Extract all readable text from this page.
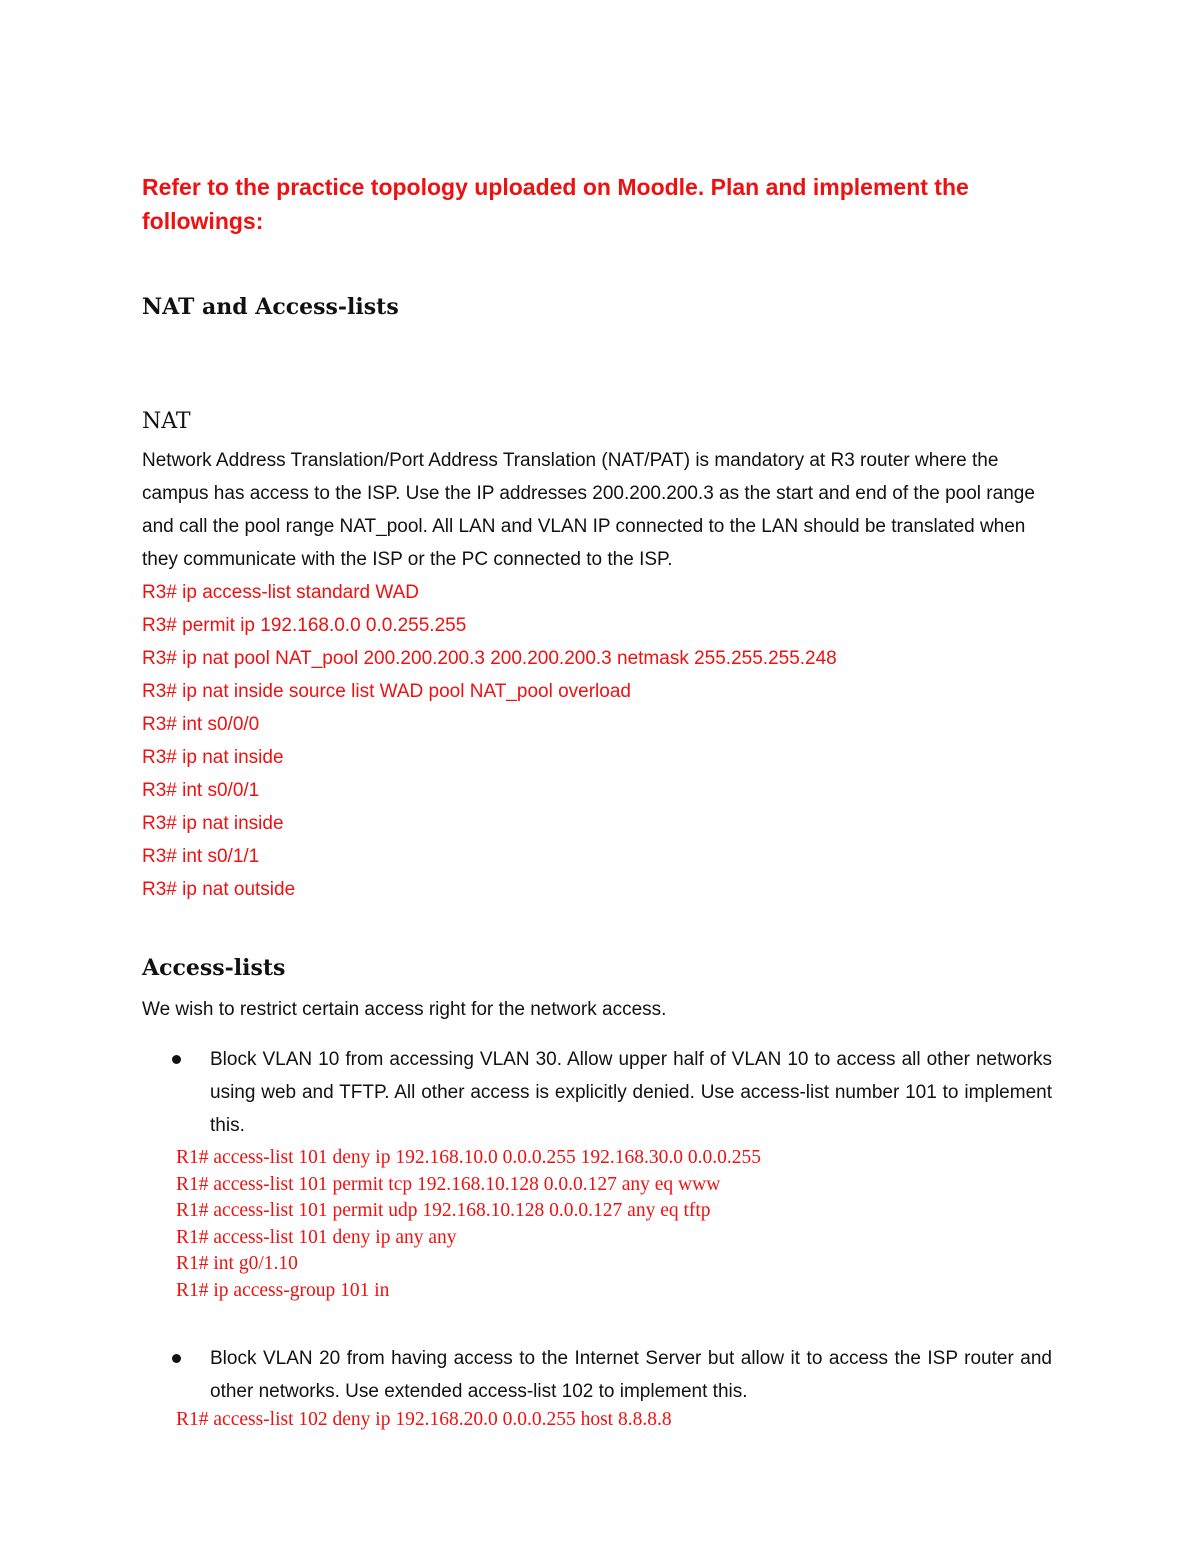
Refer to the practice topology uploaded on Moodle. Plan and implement the followings:

NAT and Access-lists
NAT

Network Address Translation/Port Address Translation (NAT/PAT) is mandatory at R3 router where the campus has access to the ISP. Use the IP addresses 200.200.200.3 as the start and end of the pool range and call the pool range NAT_pool. All LAN and VLAN IP connected to the LAN should be translated when they communicate with the ISP or the PC connected to the ISP.

R3# ip access-list standard WAD
R3# permit ip 192.168.0.0 0.0.255.255
R3# ip nat pool NAT_pool 200.200.200.3 200.200.200.3 netmask 255.255.255.248
R3# ip nat inside source list WAD pool NAT_pool overload
R3# int s0/0/0
R3# ip nat inside
R3# int s0/0/1
R3# ip nat inside
R3# int s0/1/1
R3# ip nat outside
Access-lists

We wish to restrict certain access right for the network access.

Block VLAN 10 from accessing VLAN 30. Allow upper half of VLAN 10 to access all other networks using web and TFTP. All other access is explicitly denied. Use access-list number 101 to implement this.
R1# access-list 101 deny ip 192.168.10.0 0.0.0.255 192.168.30.0 0.0.0.255
R1# access-list 101 permit tcp 192.168.10.128 0.0.0.127 any eq www
R1# access-list 101 permit udp 192.168.10.128 0.0.0.127 any eq tftp
R1# access-list 101 deny ip any any
R1# int g0/1.10
R1# ip access-group 101 in
Block VLAN 20 from having access to the Internet Server but allow it to access the ISP router and other networks. Use extended access-list 102 to implement this.
R1# access-list 102 deny ip 192.168.20.0 0.0.0.255 host 8.8.8.8
